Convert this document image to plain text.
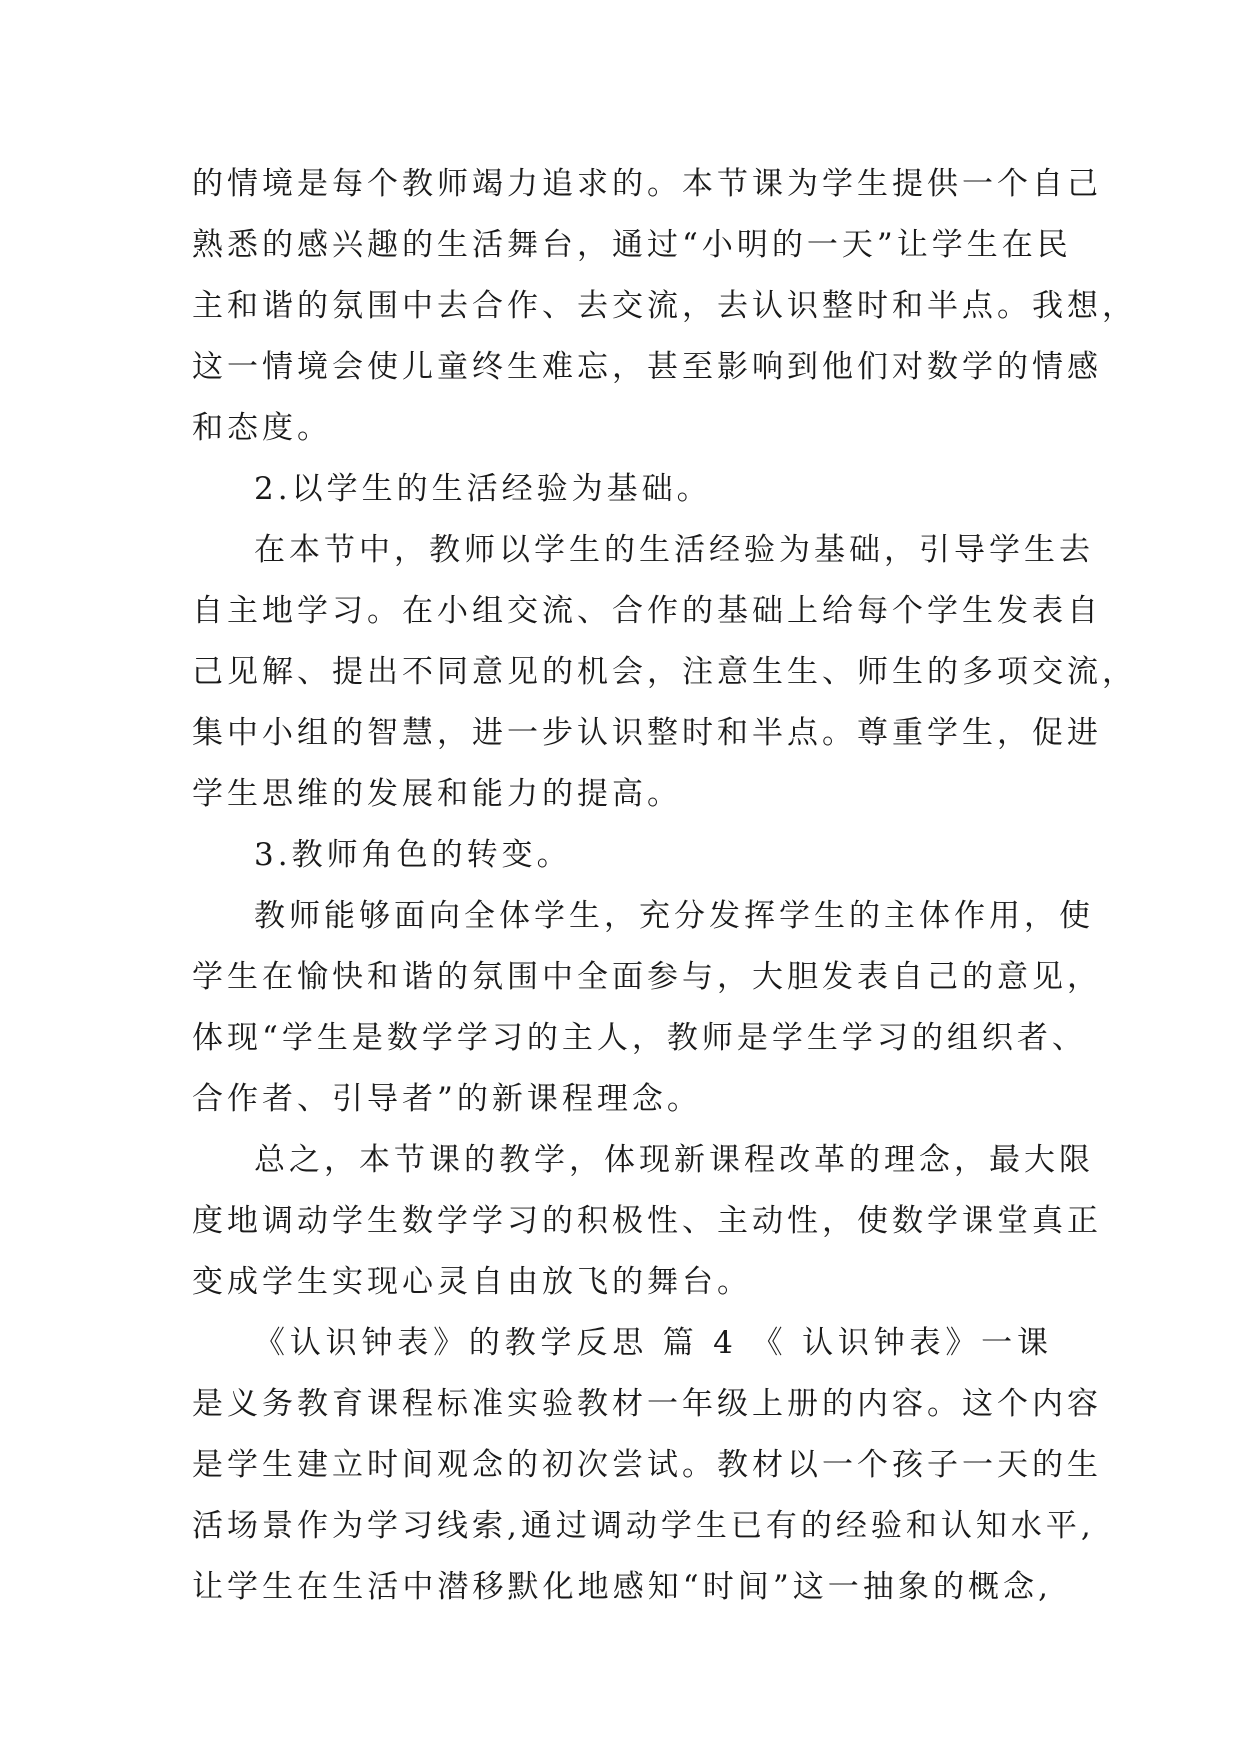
的情境是每个教师竭力追求的。本节课为学生提供一个自己
熟悉的感兴趣的生活舞台，通过“小明的一天”让学生在民
主和谐的氛围中去合作、去交流，去认识整时和半点。我想，
这一情境会使儿童终生难忘，甚至影响到他们对数学的情感
和态度。
2.以学生的生活经验为基础。
在本节中，教师以学生的生活经验为基础，引导学生去
自主地学习。在小组交流、合作的基础上给每个学生发表自
己见解、提出不同意见的机会，注意生生、师生的多项交流，
集中小组的智慧，进一步认识整时和半点。尊重学生，促进
学生思维的发展和能力的提高。
3.教师角色的转变。
教师能够面向全体学生，充分发挥学生的主体作用，使
学生在愉快和谐的氛围中全面参与，大胆发表自己的意见，
体现“学生是数学学习的主人，教师是学生学习的组织者、
合作者、引导者”的新课程理念。
总之，本节课的教学，体现新课程改革的理念，最大限
度地调动学生数学学习的积极性、主动性，使数学课堂真正
变成学生实现心灵自由放飞的舞台。
《认识钟表》的教学反思 篇 4 《 认识钟表》一课
是义务教育课程标准实验教材一年级上册的内容。这个内容
是学生建立时间观念的初次尝试。教材以一个孩子一天的生
活场景作为学习线索,通过调动学生已有的经验和认知水平,
让学生在生活中潜移默化地感知“时间”这一抽象的概念,
